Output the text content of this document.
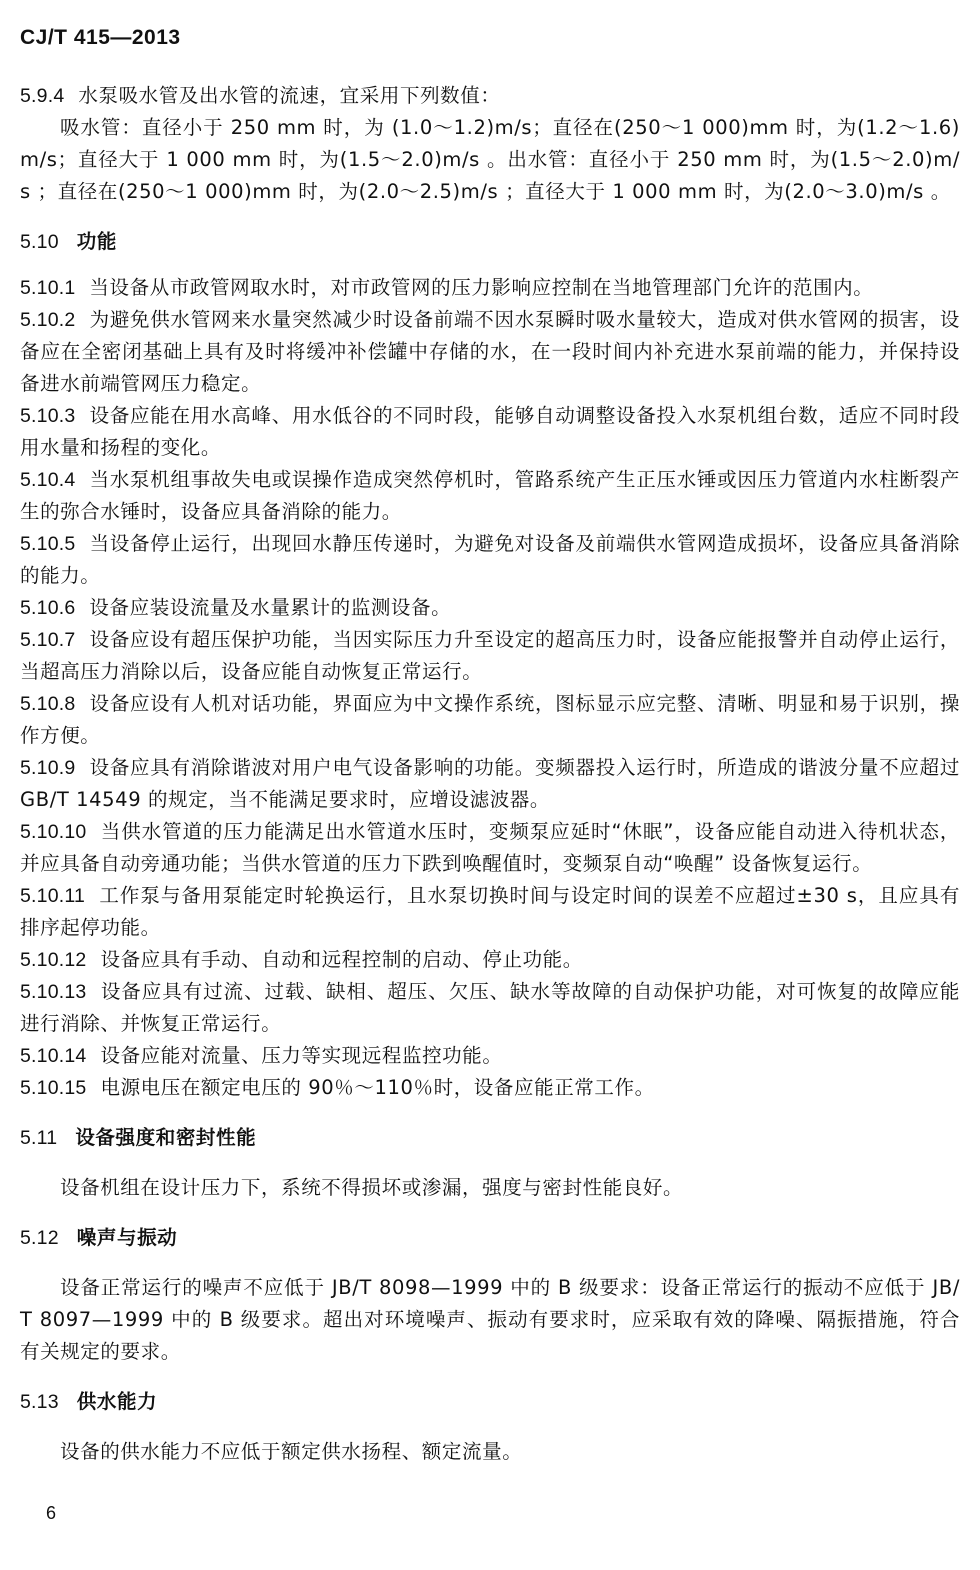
CJ/T 415—2013

5.9.4 水泵吸水管及出水管的流速，宜采用下列数值：

吸水管：直径小于 250 mm 时，为 (1.0～1.2)m/s；直径在(250～1 000)mm 时，为(1.2～1.6)m/s；直径大于 1 000 mm 时，为(1.5～2.0)m/s 。出水管：直径小于 250 mm 时，为(1.5～2.0)m/s ；直径在(250～1 000)mm 时，为(2.0～2.5)m/s ；直径大于 1 000 mm 时，为(2.0～3.0)m/s 。

5.10 功能

5.10.1 当设备从市政管网取水时，对市政管网的压力影响应控制在当地管理部门允许的范围内。

5.10.2 为避免供水管网来水量突然减少时设备前端不因水泵瞬时吸水量较大，造成对供水管网的损害，设备应在全密闭基础上具有及时将缓冲补偿罐中存储的水，在一段时间内补充进水泵前端的能力，并保持设备进水前端管网压力稳定。

5.10.3 设备应能在用水高峰、用水低谷的不同时段，能够自动调整设备投入水泵机组台数，适应不同时段用水量和扬程的变化。

5.10.4 当水泵机组事故失电或误操作造成突然停机时，管路系统产生正压水锤或因压力管道内水柱断裂产生的弥合水锤时，设备应具备消除的能力。

5.10.5 当设备停止运行，出现回水静压传递时，为避免对设备及前端供水管网造成损坏，设备应具备消除的能力。

5.10.6 设备应装设流量及水量累计的监测设备。

5.10.7 设备应设有超压保护功能，当因实际压力升至设定的超高压力时，设备应能报警并自动停止运行，当超高压力消除以后，设备应能自动恢复正常运行。

5.10.8 设备应设有人机对话功能，界面应为中文操作系统，图标显示应完整、清晰、明显和易于识别，操作方便。

5.10.9 设备应具有消除谐波对用户电气设备影响的功能。变频器投入运行时，所造成的谐波分量不应超过 GB/T 14549 的规定，当不能满足要求时，应增设滤波器。

5.10.10 当供水管道的压力能满足出水管道水压时，变频泵应延时“休眠”，设备应能自动进入待机状态，并应具备自动旁通功能；当供水管道的压力下跌到唤醒值时，变频泵自动“唤醒” 设备恢复运行。

5.10.11 工作泵与备用泵能定时轮换运行，且水泵切换时间与设定时间的误差不应超过±30 s，且应具有排序起停功能。

5.10.12 设备应具有手动、自动和远程控制的启动、停止功能。

5.10.13 设备应具有过流、过载、缺相、超压、欠压、缺水等故障的自动保护功能，对可恢复的故障应能进行消除、并恢复正常运行。

5.10.14 设备应能对流量、压力等实现远程监控功能。

5.10.15 电源电压在额定电压的 90％～110％时，设备应能正常工作。

5.11 设备强度和密封性能

设备机组在设计压力下，系统不得损坏或渗漏，强度与密封性能良好。

5.12 噪声与振动

设备正常运行的噪声不应低于 JB/T 8098—1999 中的 B 级要求：设备正常运行的振动不应低于 JB/T 8097—1999 中的 B 级要求。超出对环境噪声、振动有要求时，应采取有效的降噪、隔振措施，符合有关规定的要求。

5.13 供水能力

设备的供水能力不应低于额定供水扬程、额定流量。

6
